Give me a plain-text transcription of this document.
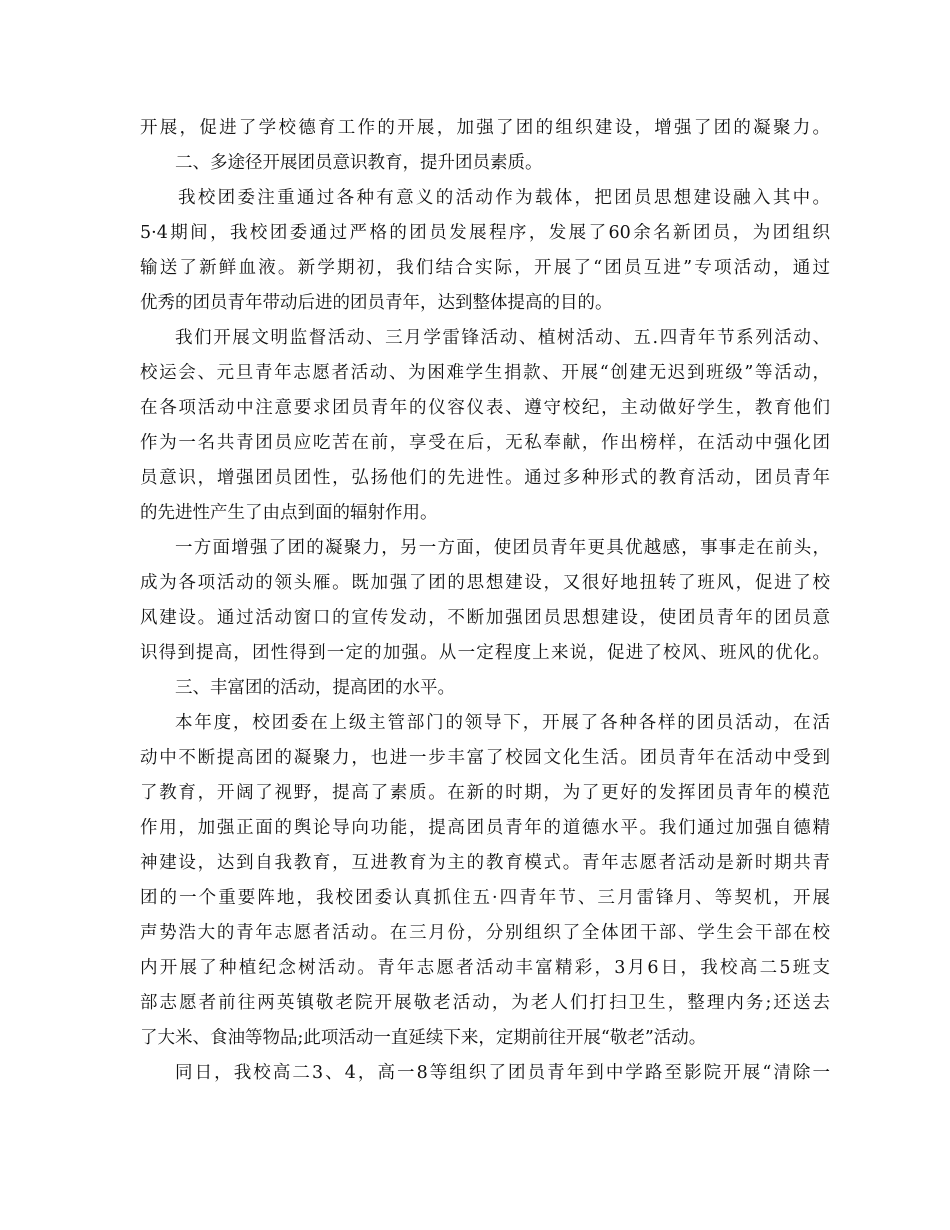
开展，促进了学校德育工作的开展，加强了团的组织建设，增强了团的凝聚力。
二、多途径开展团员意识教育，提升团员素质。
我校团委注重通过各种有意义的活动作为载体，把团员思想建设融入其中。
5·4期间，我校团委通过严格的团员发展程序，发展了60余名新团员，为团组织
输送了新鲜血液。新学期初，我们结合实际，开展了“团员互进”专项活动，通过
优秀的团员青年带动后进的团员青年，达到整体提高的目的。
我们开展文明监督活动、三月学雷锋活动、植树活动、五.四青年节系列活动、
校运会、元旦青年志愿者活动、为困难学生捐款、开展“创建无迟到班级”等活动，
在各项活动中注意要求团员青年的仪容仪表、遵守校纪，主动做好学生，教育他们
作为一名共青团员应吃苦在前，享受在后，无私奉献，作出榜样，在活动中强化团
员意识，增强团员团性，弘扬他们的先进性。通过多种形式的教育活动，团员青年
的先进性产生了由点到面的辐射作用。
一方面增强了团的凝聚力，另一方面，使团员青年更具优越感，事事走在前头，
成为各项活动的领头雁。既加强了团的思想建设，又很好地扭转了班风，促进了校
风建设。通过活动窗口的宣传发动，不断加强团员思想建设，使团员青年的团员意
识得到提高，团性得到一定的加强。从一定程度上来说，促进了校风、班风的优化。
三、丰富团的活动，提高团的水平。
本年度，校团委在上级主管部门的领导下，开展了各种各样的团员活动，在活
动中不断提高团的凝聚力，也进一步丰富了校园文化生活。团员青年在活动中受到
了教育，开阔了视野，提高了素质。在新的时期，为了更好的发挥团员青年的模范
作用，加强正面的舆论导向功能，提高团员青年的道德水平。我们通过加强自德精
神建设，达到自我教育，互进教育为主的教育模式。青年志愿者活动是新时期共青
团的一个重要阵地，我校团委认真抓住五·四青年节、三月雷锋月、等契机，开展
声势浩大的青年志愿者活动。在三月份，分别组织了全体团干部、学生会干部在校
内开展了种植纪念树活动。青年志愿者活动丰富精彩，3月6日，我校高二5班支
部志愿者前往两英镇敬老院开展敬老活动，为老人们打扫卫生，整理内务;还送去
了大米、食油等物品;此项活动一直延续下来，定期前往开展“敬老”活动。
同日，我校高二3、4，高一8等组织了团员青年到中学路至影院开展“清除一
